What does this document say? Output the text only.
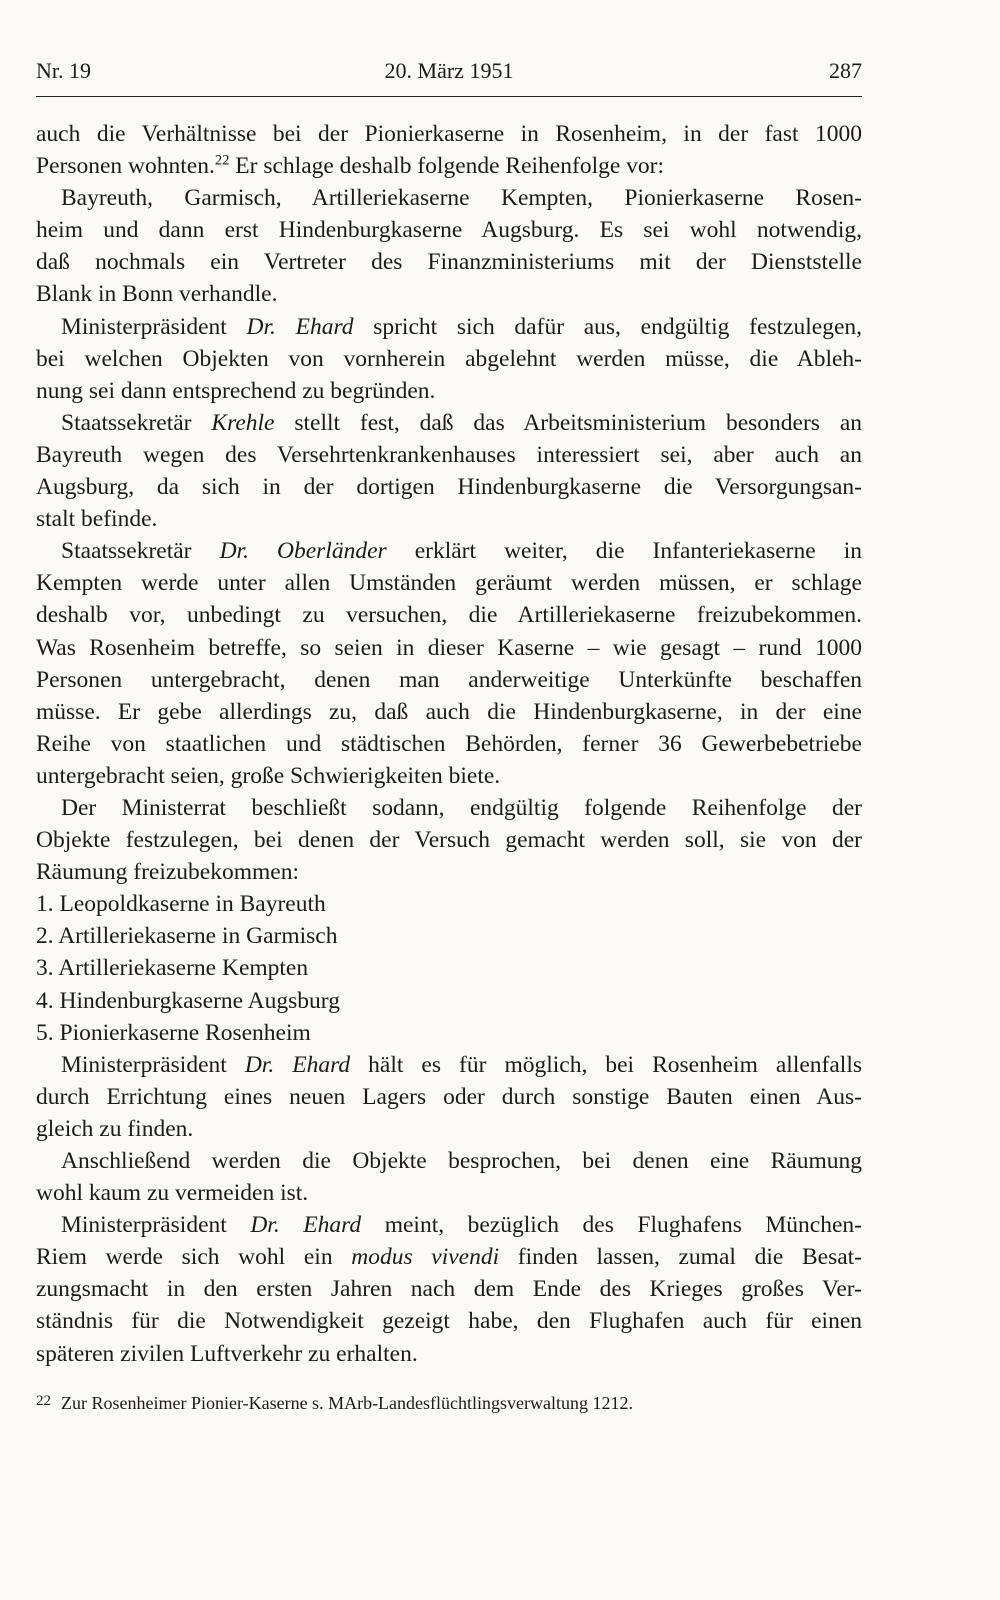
Nr. 19	20. März 1951	287
auch die Verhältnisse bei der Pionierkaserne in Rosenheim, in der fast 1000
Personen wohnten.$^{22}$ Er schlage deshalb folgende Reihenfolge vor:
Bayreuth, Garmisch, Artilleriekaserne Kempten, Pionierkaserne Rosen-
heim und dann erst Hindenburgkaserne Augsburg. Es sei wohl notwendig,
daß nochmals ein Vertreter des Finanzministeriums mit der Dienststelle
Blank in Bonn verhandle.
Ministerpräsident Dr. Ehard spricht sich dafür aus, endgültig festzulegen,
bei welchen Objekten von vornherein abgelehnt werden müsse, die Ableh-
nung sei dann entsprechend zu begründen.
Staatssekretär Krehle stellt fest, daß das Arbeitsministerium besonders an
Bayreuth wegen des Versehrtenkrankenhauses interessiert sei, aber auch an
Augsburg, da sich in der dortigen Hindenburgkaserne die Versorgungsan-
stalt befinde.
Staatssekretär Dr. Oberländer erklärt weiter, die Infanteriekaserne in
Kempten werde unter allen Umständen geräumt werden müssen, er schlage
deshalb vor, unbedingt zu versuchen, die Artilleriekaserne freizubekommen.
Was Rosenheim betreffe, so seien in dieser Kaserne – wie gesagt – rund 1000
Personen untergebracht, denen man anderweitige Unterkünfte beschaffen
müsse. Er gebe allerdings zu, daß auch die Hindenburgkaserne, in der eine
Reihe von staatlichen und städtischen Behörden, ferner 36 Gewerbebetriebe
untergebracht seien, große Schwierigkeiten biete.
Der Ministerrat beschließt sodann, endgültig folgende Reihenfolge der
Objekte festzulegen, bei denen der Versuch gemacht werden soll, sie von der
Räumung freizubekommen:
1. Leopoldkaserne in Bayreuth
2. Artilleriekaserne in Garmisch
3. Artilleriekaserne Kempten
4. Hindenburgkaserne Augsburg
5. Pionierkaserne Rosenheim
Ministerpräsident Dr. Ehard hält es für möglich, bei Rosenheim allenfalls
durch Errichtung eines neuen Lagers oder durch sonstige Bauten einen Aus-
gleich zu finden.
Anschließend werden die Objekte besprochen, bei denen eine Räumung
wohl kaum zu vermeiden ist.
Ministerpräsident Dr. Ehard meint, bezüglich des Flughafens München-
Riem werde sich wohl ein modus vivendi finden lassen, zumal die Besat-
zungsmacht in den ersten Jahren nach dem Ende des Krieges großes Ver-
ständnis für die Notwendigkeit gezeigt habe, den Flughafen auch für einen
späteren zivilen Luftverkehr zu erhalten.
$^{22}$ Zur Rosenheimer Pionier-Kaserne s. MArb-Landesflüchtlingsverwaltung 1212.
